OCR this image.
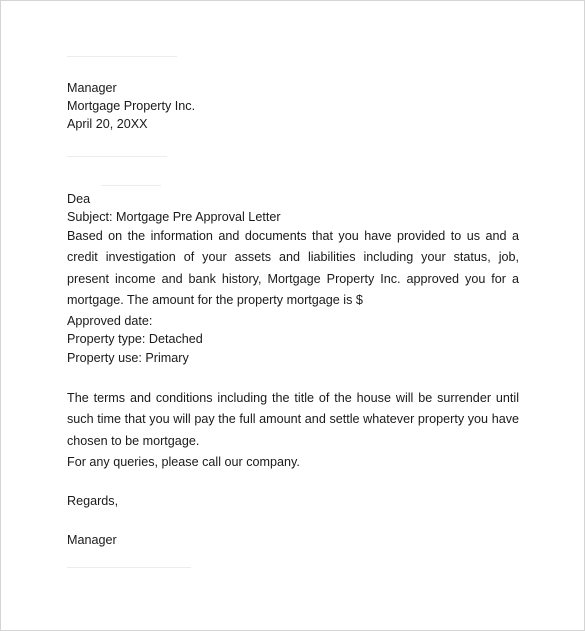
Manager

Mortgage Property Inc.

April 20, 20XX

Dea

Subject: Mortgage Pre Approval Letter

Based on the information and documents that you have provided to us and a credit investigation of your assets and liabilities including your status, job, present income and bank history, Mortgage Property Inc. approved you for a mortgage. The amount for the property mortgage is $

Approved date:

Property type: Detached

Property use: Primary

The terms and conditions including the title of the house will be surrender until such time that you will pay the full amount and settle whatever property you have chosen to be mortgage.

For any queries, please call our company.

Regards,

Manager
